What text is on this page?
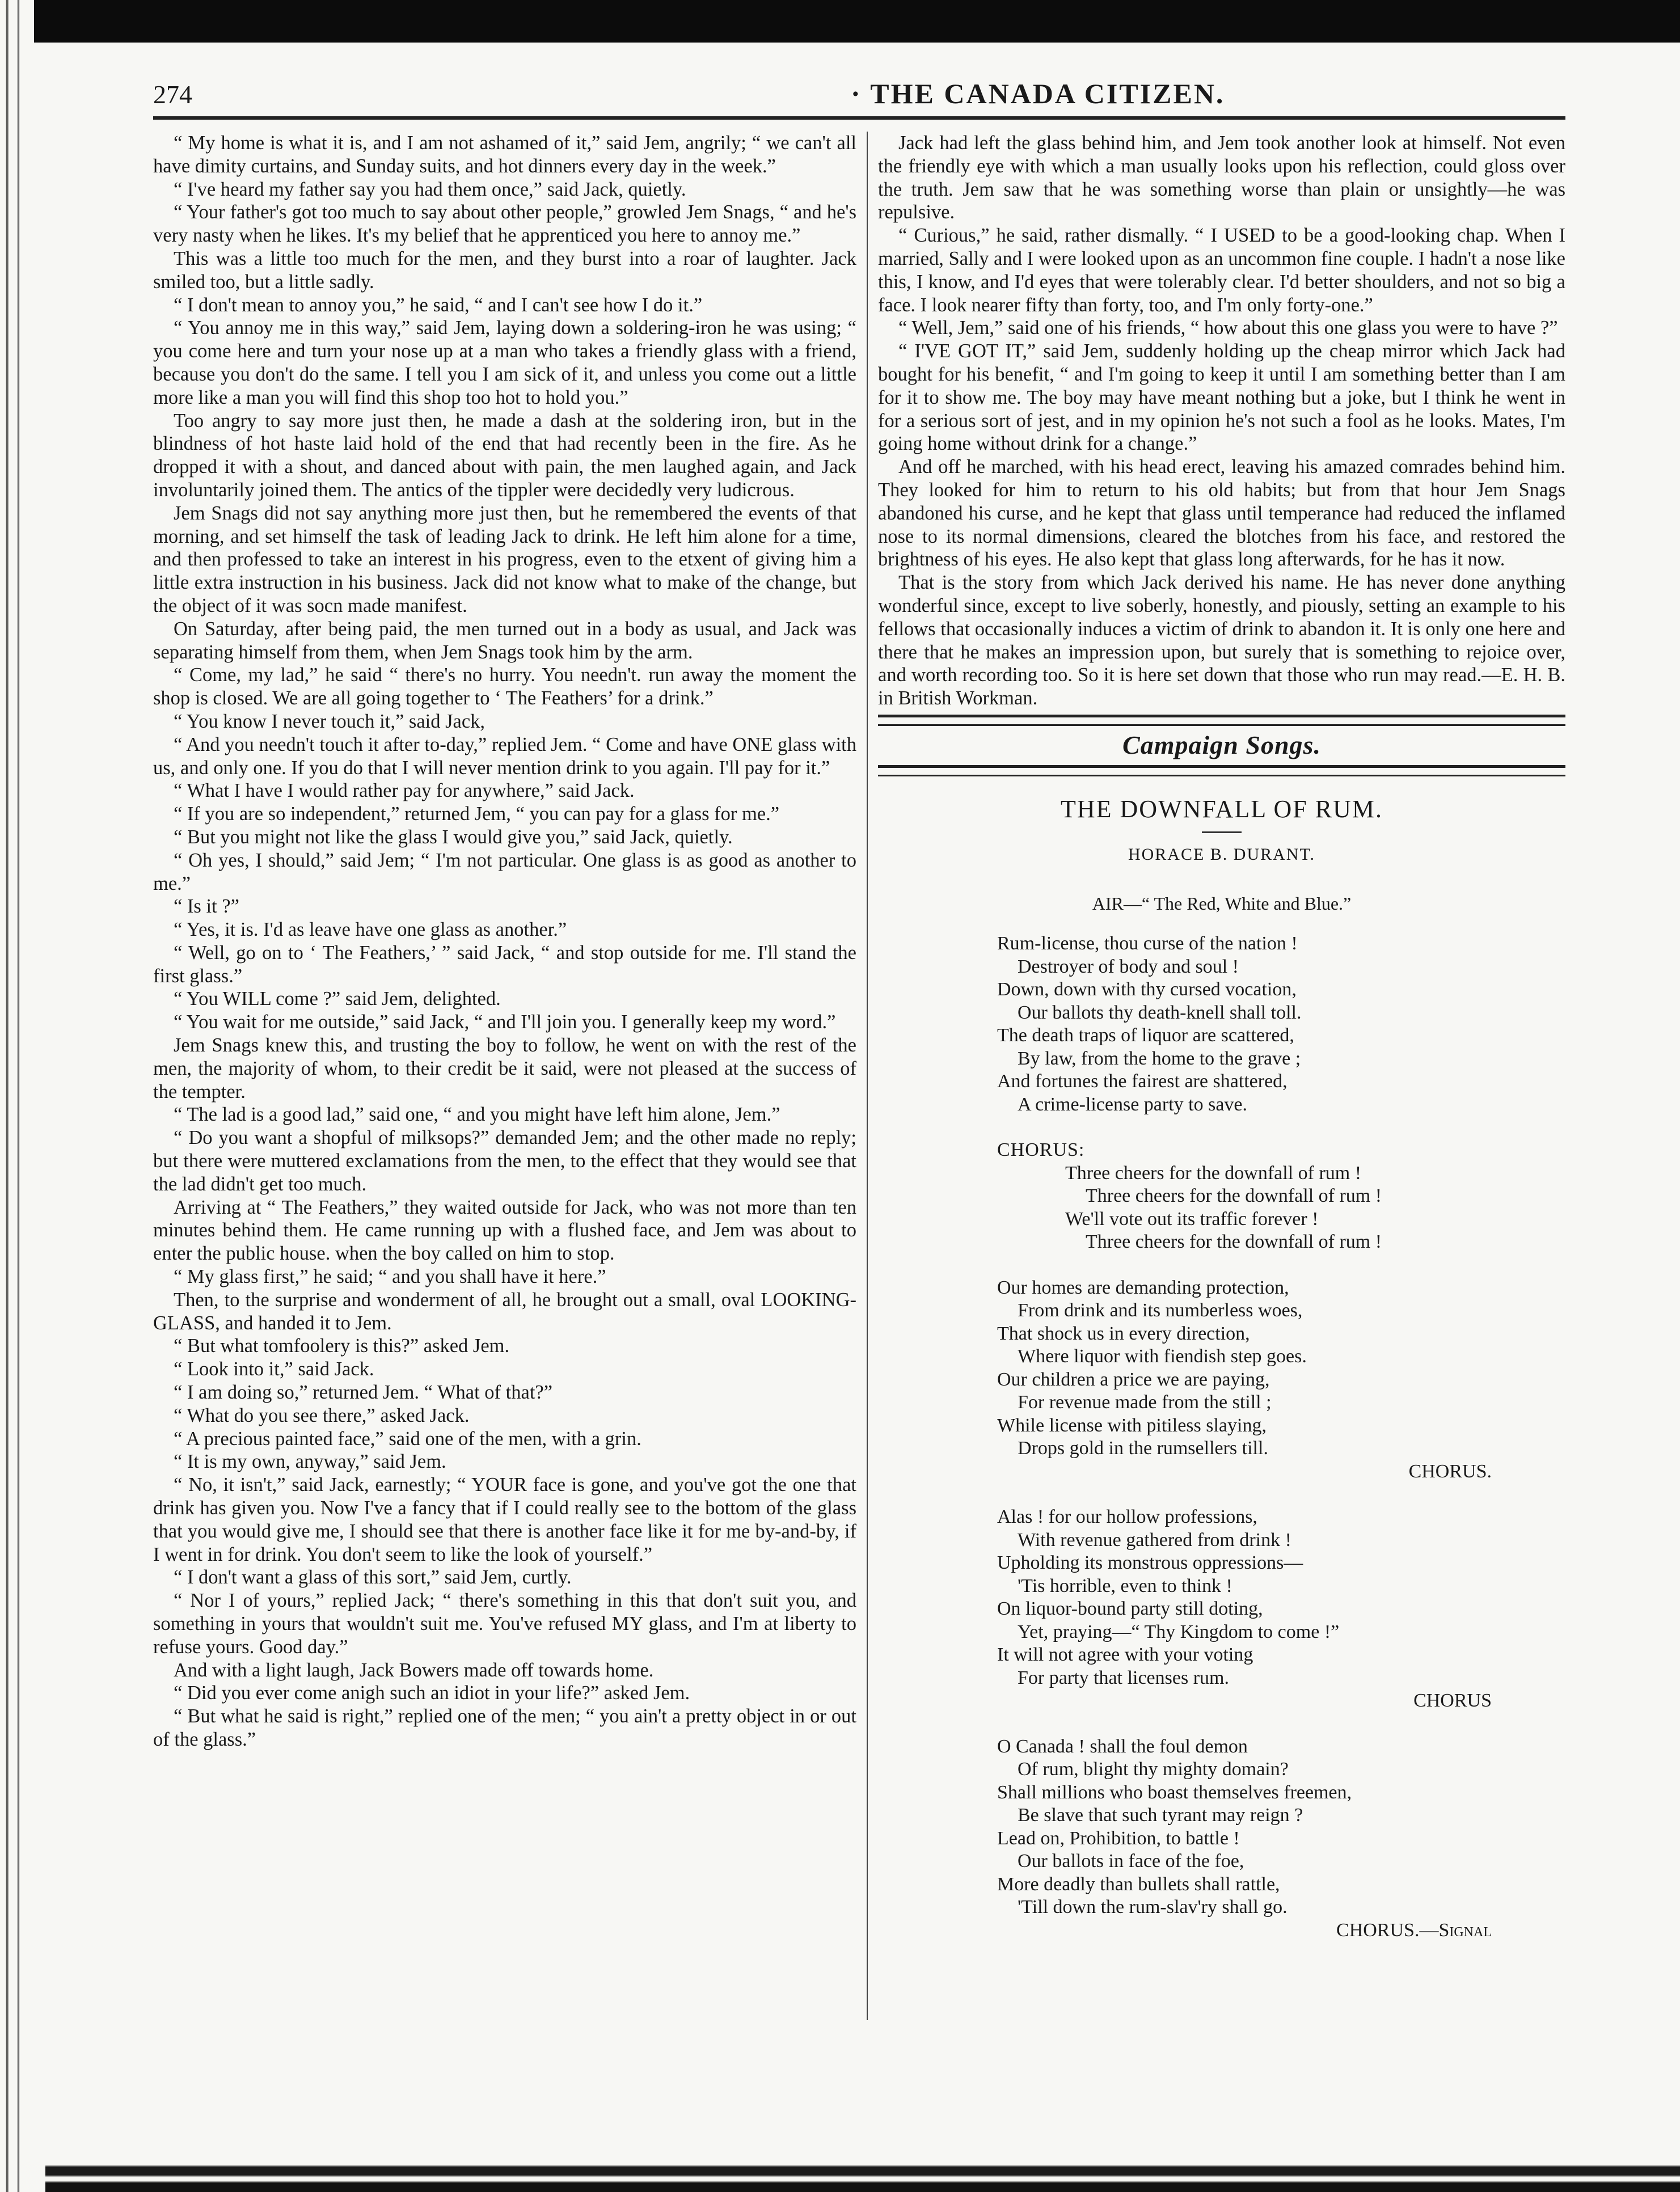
274	· THE CANADA CITIZEN.

“ My home is what it is, and I am not ashamed of it,” said Jem, angrily; “ we can't all have dimity curtains, and Sunday suits, and hot dinners every day in the week.”

“ I've heard my father say you had them once,” said Jack, quietly.

“ Your father's got too much to say about other people,” growled Jem Snags, “ and he's very nasty when he likes. It's my belief that he apprenticed you here to annoy me.”

This was a little too much for the men, and they burst into a roar of laughter. Jack smiled too, but a little sadly.

“ I don't mean to annoy you,” he said, “ and I can't see how I do it.”

“ You annoy me in this way,” said Jem, laying down a soldering-iron he was using; “ you come here and turn your nose up at a man who takes a friendly glass with a friend, because you don't do the same. I tell you I am sick of it, and unless you come out a little more like a man you will find this shop too hot to hold you.”

Too angry to say more just then, he made a dash at the soldering iron, but in the blindness of hot haste laid hold of the end that had recently been in the fire. As he dropped it with a shout, and danced about with pain, the men laughed again, and Jack involuntarily joined them. The antics of the tippler were decidedly very ludicrous.

Jem Snags did not say anything more just then, but he remembered the events of that morning, and set himself the task of leading Jack to drink. He left him alone for a time, and then professed to take an interest in his progress, even to the etxent of giving him a little extra instruction in his business. Jack did not know what to make of the change, but the object of it was socn made manifest.

On Saturday, after being paid, the men turned out in a body as usual, and Jack was separating himself from them, when Jem Snags took him by the arm.

“ Come, my lad,” he said “ there's no hurry. You needn't. run away the moment the shop is closed. We are all going together to ‘ The Feathers’ for a drink.”

“ You know I never touch it,” said Jack,

“ And you needn't touch it after to-day,” replied Jem. “ Come and have ONE glass with us, and only one. If you do that I will never mention drink to you again. I'll pay for it.”

“ What I have I would rather pay for anywhere,” said Jack.

“ If you are so independent,” returned Jem, “ you can pay for a glass for me.”

“ But you might not like the glass I would give you,” said Jack, quietly.

“ Oh yes, I should,” said Jem; “ I'm not particular. One glass is as good as another to me.”

“ Is it ?”

“ Yes, it is. I'd as leave have one glass as another.”

“ Well, go on to ‘ The Feathers,’ ” said Jack, “ and stop outside for me. I'll stand the first glass.”

“ You WILL come ?” said Jem, delighted.

“ You wait for me outside,” said Jack, “ and I'll join you. I generally keep my word.”

Jem Snags knew this, and trusting the boy to follow, he went on with the rest of the men, the majority of whom, to their credit be it said, were not pleased at the success of the tempter.

“ The lad is a good lad,” said one, “ and you might have left him alone, Jem.”

“ Do you want a shopful of milksops?” demanded Jem; and the other made no reply; but there were muttered exclamations from the men, to the effect that they would see that the lad didn't get too much.

Arriving at “ The Feathers,” they waited outside for Jack, who was not more than ten minutes behind them. He came running up with a flushed face, and Jem was about to enter the public house. when the boy called on him to stop.

“ My glass first,” he said; “ and you shall have it here.”

Then, to the surprise and wonderment of all, he brought out a small, oval LOOKING-GLASS, and handed it to Jem.

“ But what tomfoolery is this?” asked Jem.

“ Look into it,” said Jack.

“ I am doing so,” returned Jem. “ What of that?”

“ What do you see there,” asked Jack.

“ A precious painted face,” said one of the men, with a grin.

“ It is my own, anyway,” said Jem.

“ No, it isn't,” said Jack, earnestly; “ YOUR face is gone, and you've got the one that drink has given you. Now I've a fancy that if I could really see to the bottom of the glass that you would give me, I should see that there is another face like it for me by-and-by, if I went in for drink. You don't seem to like the look of yourself.”

“ I don't want a glass of this sort,” said Jem, curtly.

“ Nor I of yours,” replied Jack; “ there's something in this that don't suit you, and something in yours that wouldn't suit me. You've refused MY glass, and I'm at liberty to refuse yours. Good day.”

And with a light laugh, Jack Bowers made off towards home.

“ Did you ever come anigh such an idiot in your life?” asked Jem.

“ But what he said is right,” replied one of the men; “ you ain't a pretty object in or out of the glass.”

Jack had left the glass behind him, and Jem took another look at himself. Not even the friendly eye with which a man usually looks upon his reflection, could gloss over the truth. Jem saw that he was something worse than plain or unsightly—he was repulsive.

“ Curious,” he said, rather dismally. “ I USED to be a good-looking chap. When I married, Sally and I were looked upon as an uncommon fine couple. I hadn't a nose like this, I know, and I'd eyes that were tolerably clear. I'd better shoulders, and not so big a face. I look nearer fifty than forty, too, and I'm only forty-one.”

“ Well, Jem,” said one of his friends, “ how about this one glass you were to have ?”

“ I'VE GOT IT,” said Jem, suddenly holding up the cheap mirror which Jack had bought for his benefit, “ and I'm going to keep it until I am something better than I am for it to show me. The boy may have meant nothing but a joke, but I think he went in for a serious sort of jest, and in my opinion he's not such a fool as he looks. Mates, I'm going home without drink for a change.”

And off he marched, with his head erect, leaving his amazed comrades behind him. They looked for him to return to his old habits; but from that hour Jem Snags abandoned his curse, and he kept that glass until temperance had reduced the inflamed nose to its normal dimensions, cleared the blotches from his face, and restored the brightness of his eyes. He also kept that glass long afterwards, for he has it now.

That is the story from which Jack derived his name. He has never done anything wonderful since, except to live soberly, honestly, and piously, setting an example to his fellows that occasionally induces a victim of drink to abandon it. It is only one here and there that he makes an impression upon, but surely that is something to rejoice over, and worth recording too. So it is here set down that those who run may read.—E. H. B. in British Workman.

Campaign Songs.
THE DOWNFALL OF RUM.
HORACE B. DURANT.
AIR—“ The Red, White and Blue.”
Rum-license, thou curse of the nation !
Destroyer of body and soul !
Down, down with thy cursed vocation,
Our ballots thy death-knell shall toll.
The death traps of liquor are scattered,
By law, from the home to the grave ;
And fortunes the fairest are shattered,
A crime-license party to save.
CHORUS:
Three cheers for the downfall of rum !
Three cheers for the downfall of rum !
We'll vote out its traffic forever !
Three cheers for the downfall of rum !
Our homes are demanding protection,
From drink and its numberless woes,
That shock us in every direction,
Where liquor with fiendish step goes.
Our children a price we are paying,
For revenue made from the still ;
While license with pitiless slaying,
Drops gold in the rumsellers till.
CHORUS.
Alas ! for our hollow professions,
With revenue gathered from drink !
Upholding its monstrous oppressions—
'Tis horrible, even to think !
On liquor-bound party still doting,
Yet, praying—“ Thy Kingdom to come !”
It will not agree with your voting
For party that licenses rum.
CHORUS
O Canada ! shall the foul demon
Of rum, blight thy mighty domain?
Shall millions who boast themselves freemen,
Be slave that such tyrant may reign ?
Lead on, Prohibition, to battle !
Our ballots in face of the foe,
More deadly than bullets shall rattle,
'Till down the rum-slav'ry shall go.
CHORUS.—Signal
